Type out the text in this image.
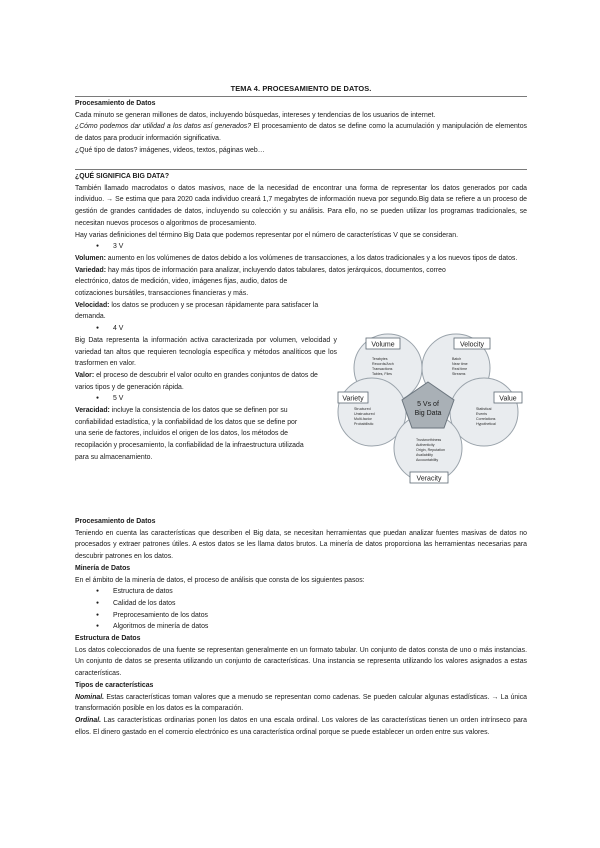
TEMA 4. PROCESAMIENTO DE DATOS.

Procesamiento de Datos

Cada minuto se generan millones de datos, incluyendo búsquedas, intereses y tendencias de los usuarios de internet.

¿Cómo podemos dar utilidad a los datos así generados? El procesamiento de datos se define como la acumulación y manipulación de elementos de datos para producir información significativa.

¿Qué tipo de datos? imágenes, videos, textos, páginas web…

¿QUÉ SIGNIFICA BIG DATA?

También llamado macrodatos o datos masivos, nace de la necesidad de encontrar una forma de representar los datos generados por cada individuo. → Se estima que para 2020 cada individuo creará 1,7 megabytes de información nueva por segundo.Big data se refiere a un proceso de gestión de grandes cantidades de datos, incluyendo su colección y su análisis. Para ello, no se pueden utilizar los programas tradicionales, se necesitan nuevos procesos o algoritmos de procesamiento.

Hay varias definiciones del término Big Data que podemos representar por el número de características V que se consideran.

● 3 V

Volumen: aumento en los volúmenes de datos debido a los volúmenes de transacciones, a los datos tradicionales y a los nuevos tipos de datos.

Variedad: hay más tipos de información para analizar, incluyendo datos tabulares, datos jerárquicos, documentos, correo

electrónico, datos de medición, video, imágenes fijas, audio, datos de

cotizaciones bursátiles, transacciones financieras y más.

Velocidad: los datos se producen y se procesan rápidamente para satisfacer la demanda.

● 4 V

Big Data representa la información activa caracterizada por volumen, velocidad y variedad tan altos que requieren tecnología específica y métodos analíticos que los trasformen en valor.

Valor: el proceso de descubrir el valor oculto en grandes conjuntos de datos de varios tipos y de generación rápida.

● 5 V

Veracidad: incluye la consistencia de los datos que se definen por su

confiabilidad estadística, y la confiabilidad de los datos que se define por

una serie de factores, incluidos el origen de los datos, los métodos de

recopilación y procesamiento, la confiabilidad de la infraestructura utilizada

para su almacenamiento.

Procesamiento de Datos

Teniendo en cuenta las características que describen el Big data, se necesitan herramientas que puedan analizar fuentes masivas de datos no procesados y extraer patrones útiles. A estos datos se les llama datos brutos. La minería de datos proporciona las herramientas necesarias para descubrir patrones en los datos.

Minería de Datos

En el ámbito de la minería de datos, el proceso de análisis que consta de los siguientes pasos:

● Estructura de datos

● Calidad de los datos

● Preprocesamiento de los datos

● Algoritmos de minería de datos

Estructura de Datos

Los datos coleccionados de una fuente se representan generalmente en un formato tabular. Un conjunto de datos consta de uno o más instancias. Un conjunto de datos se presenta utilizando un conjunto de características. Una instancia se representa utilizando los valores asignados a estas características.

Tipos de características

Nominal. Estas características toman valores que a menudo se representan como cadenas. Se pueden calcular algunas estadísticas. → La única transformación posible en los datos es la comparación.

Ordinal. Las características ordinarias ponen los datos en una escala ordinal. Los valores de las características tienen un orden intrínseco para ellos. El dinero gastado en el comercio electrónico es una característica ordinal porque se puede establecer un orden entre sus valores.

5 Vs of
Big Data
Volume	Velocity
Variety	Value
Veracity
Terabytes
Records/Arch
Transactions
Tables, Files
Batch
Near time
Real time
Streams
Structured
Unstructured
Multi-factor
Probabilistic
Statistical
Events
Correlations
Hypothetical
Trustworthiness
Authenticity
Origin, Reputation
Availability
Accountability
